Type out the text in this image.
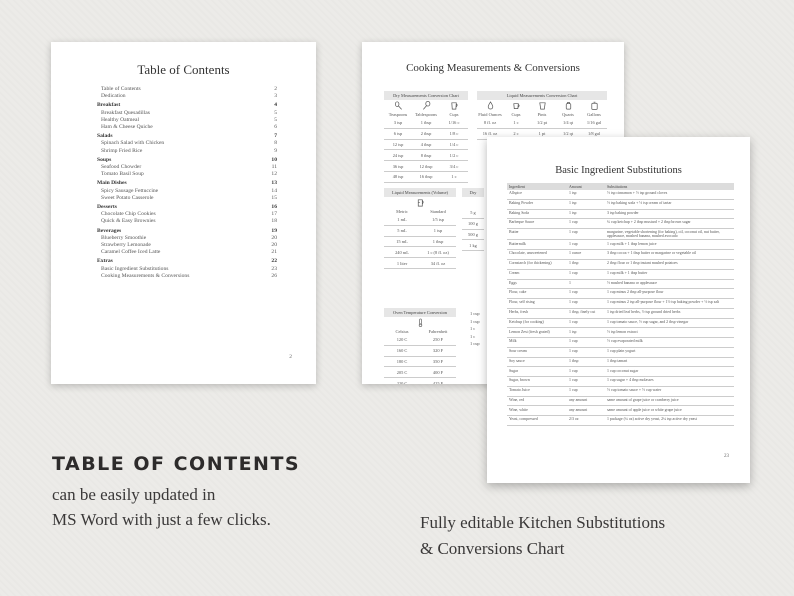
Table of Contents
Table of Contents	2
Dedication	3
Breakfast	4
Breakfast Quesadillas	5
Healthy Oatmeal	5
Ham & Cheese Quiche	6
Salads	7
Spinach Salad with Chicken	8
Shrimp Fried Rice	9
Soups	10
Seafood Chowder	11
Tomato Basil Soup	12
Main Dishes	13
Spicy Sausage Fettuccine	14
Sweet Potato Casserole	15
Desserts	16
Chocolate Chip Cookies	17
Quick & Easy Brownies	18
Beverages	19
Blueberry Smoothie	20
Strawberry Lemonade	20
Caramel Coffee Iced Latte	21
Extras	22
Basic Ingredient Substitutions	23
Cooking Measurements & Conversions	26
2
Cooking Measurements & Conversions
Dry Measurements Conversion Chart
Teaspoons	Tablespoons	Cups
3 tsp	1 tbsp	1/16 c
6 tsp	2 tbsp	1/8 c
12 tsp	4 tbsp	1/4 c
24 tsp	8 tbsp	1/2 c
36 tsp	12 tbsp	3/4 c
48 tsp	16 tbsp	1 c
Liquid Measurements Conversion Chart
Fluid Ounces	Cups	Pints	Quarts	Gallons
8 fl. oz	1 c	1/2 pt	1/4 qt	1/16 gal
16 fl. oz	2 c	1 pt	1/2 qt	1/8 gal
Liquid Measurements (Volume)
Metric	Standard
1 mL	1/5 tsp
5 mL	1 tsp
15 mL	1 tbsp
240 mL	1 c (8 fl. oz)
1 liter	34 fl. oz
Dry
5 g
100 g
500 g
1 kg
Oven Temperature Conversion
Celsius	Fahrenheit
120 C	250 F
160 C	320 F
180 C	350 F
205 C	400 F
220 C	425 F
1 cup
1 cup
1 c
1 c
1 cup
Basic Ingredient Substitutions
Ingredient	Amount	Substitutions
Allspice	1 tsp	½ tsp cinnamon + ½ tsp ground cloves
Baking Powder	1 tsp	½ tsp baking soda + ½ tsp cream of tartar
Baking Soda	1 tsp	3 tsp baking powder
Barbeque Sauce	1 cup	¾ cup ketchup + 2 tbsp mustard + 2 tbsp brown sugar
Butter	1 cup	margarine, vegetable shortening (for baking), oil, coconut oil, nut butter, applesauce, mashed banana, mashed avocado
Buttermilk	1 cup	1 cup milk + 1 tbsp lemon juice
Chocolate, unsweetened	1 ounce	3 tbsp cocoa + 1 tbsp butter or margarine or vegetable oil
Cornstarch (for thickening)	1 tbsp	2 tbsp flour or 1 tbsp instant mashed potatoes
Cream	1 cup	1 cup milk + 1 tbsp butter
Eggs	1	½ mashed banana or applesauce
Flour, cake	1 cup	1 cup minus 2 tbsp all-purpose flour
Flour, self rising	1 cup	1 cup minus 2 tsp all-purpose flour + 1½ tsp baking powder + ½ tsp salt
Herbs, fresh	1 tbsp, finely cut	1 tsp dried leaf herbs, ½ tsp ground dried herbs
Ketchup (for cooking)	1 cup	1 cup tomato sauce, ½ cup sugar, and 2 tbsp vinegar
Lemon Zest (fresh grated)	1 tsp	½ tsp lemon extract
Milk	1 cup	½ cup evaporated milk
Sour cream	1 cup	1 cup plain yogurt
Soy sauce	1 tbsp	1 tbsp tamari
Sugar	1 cup	1 cup coconut sugar
Sugar, brown	1 cup	1 cup sugar + 4 tbsp molasses
Tomato Juice	1 cup	½ cup tomato sauce + ½ cup water
Wine, red	any amount	same amount of grape juice or cranberry juice
Wine, white	any amount	same amount of apple juice or white grape juice
Yeast, compressed	2/3 oz	1 package (¼ oz) active dry yeast, 2¼ tsp active dry yeast
23
TABLE OF CONTENTS
can be easily updated in
MS Word with just a few clicks.	Fully editable Kitchen Substitutions
& Conversions Chart
